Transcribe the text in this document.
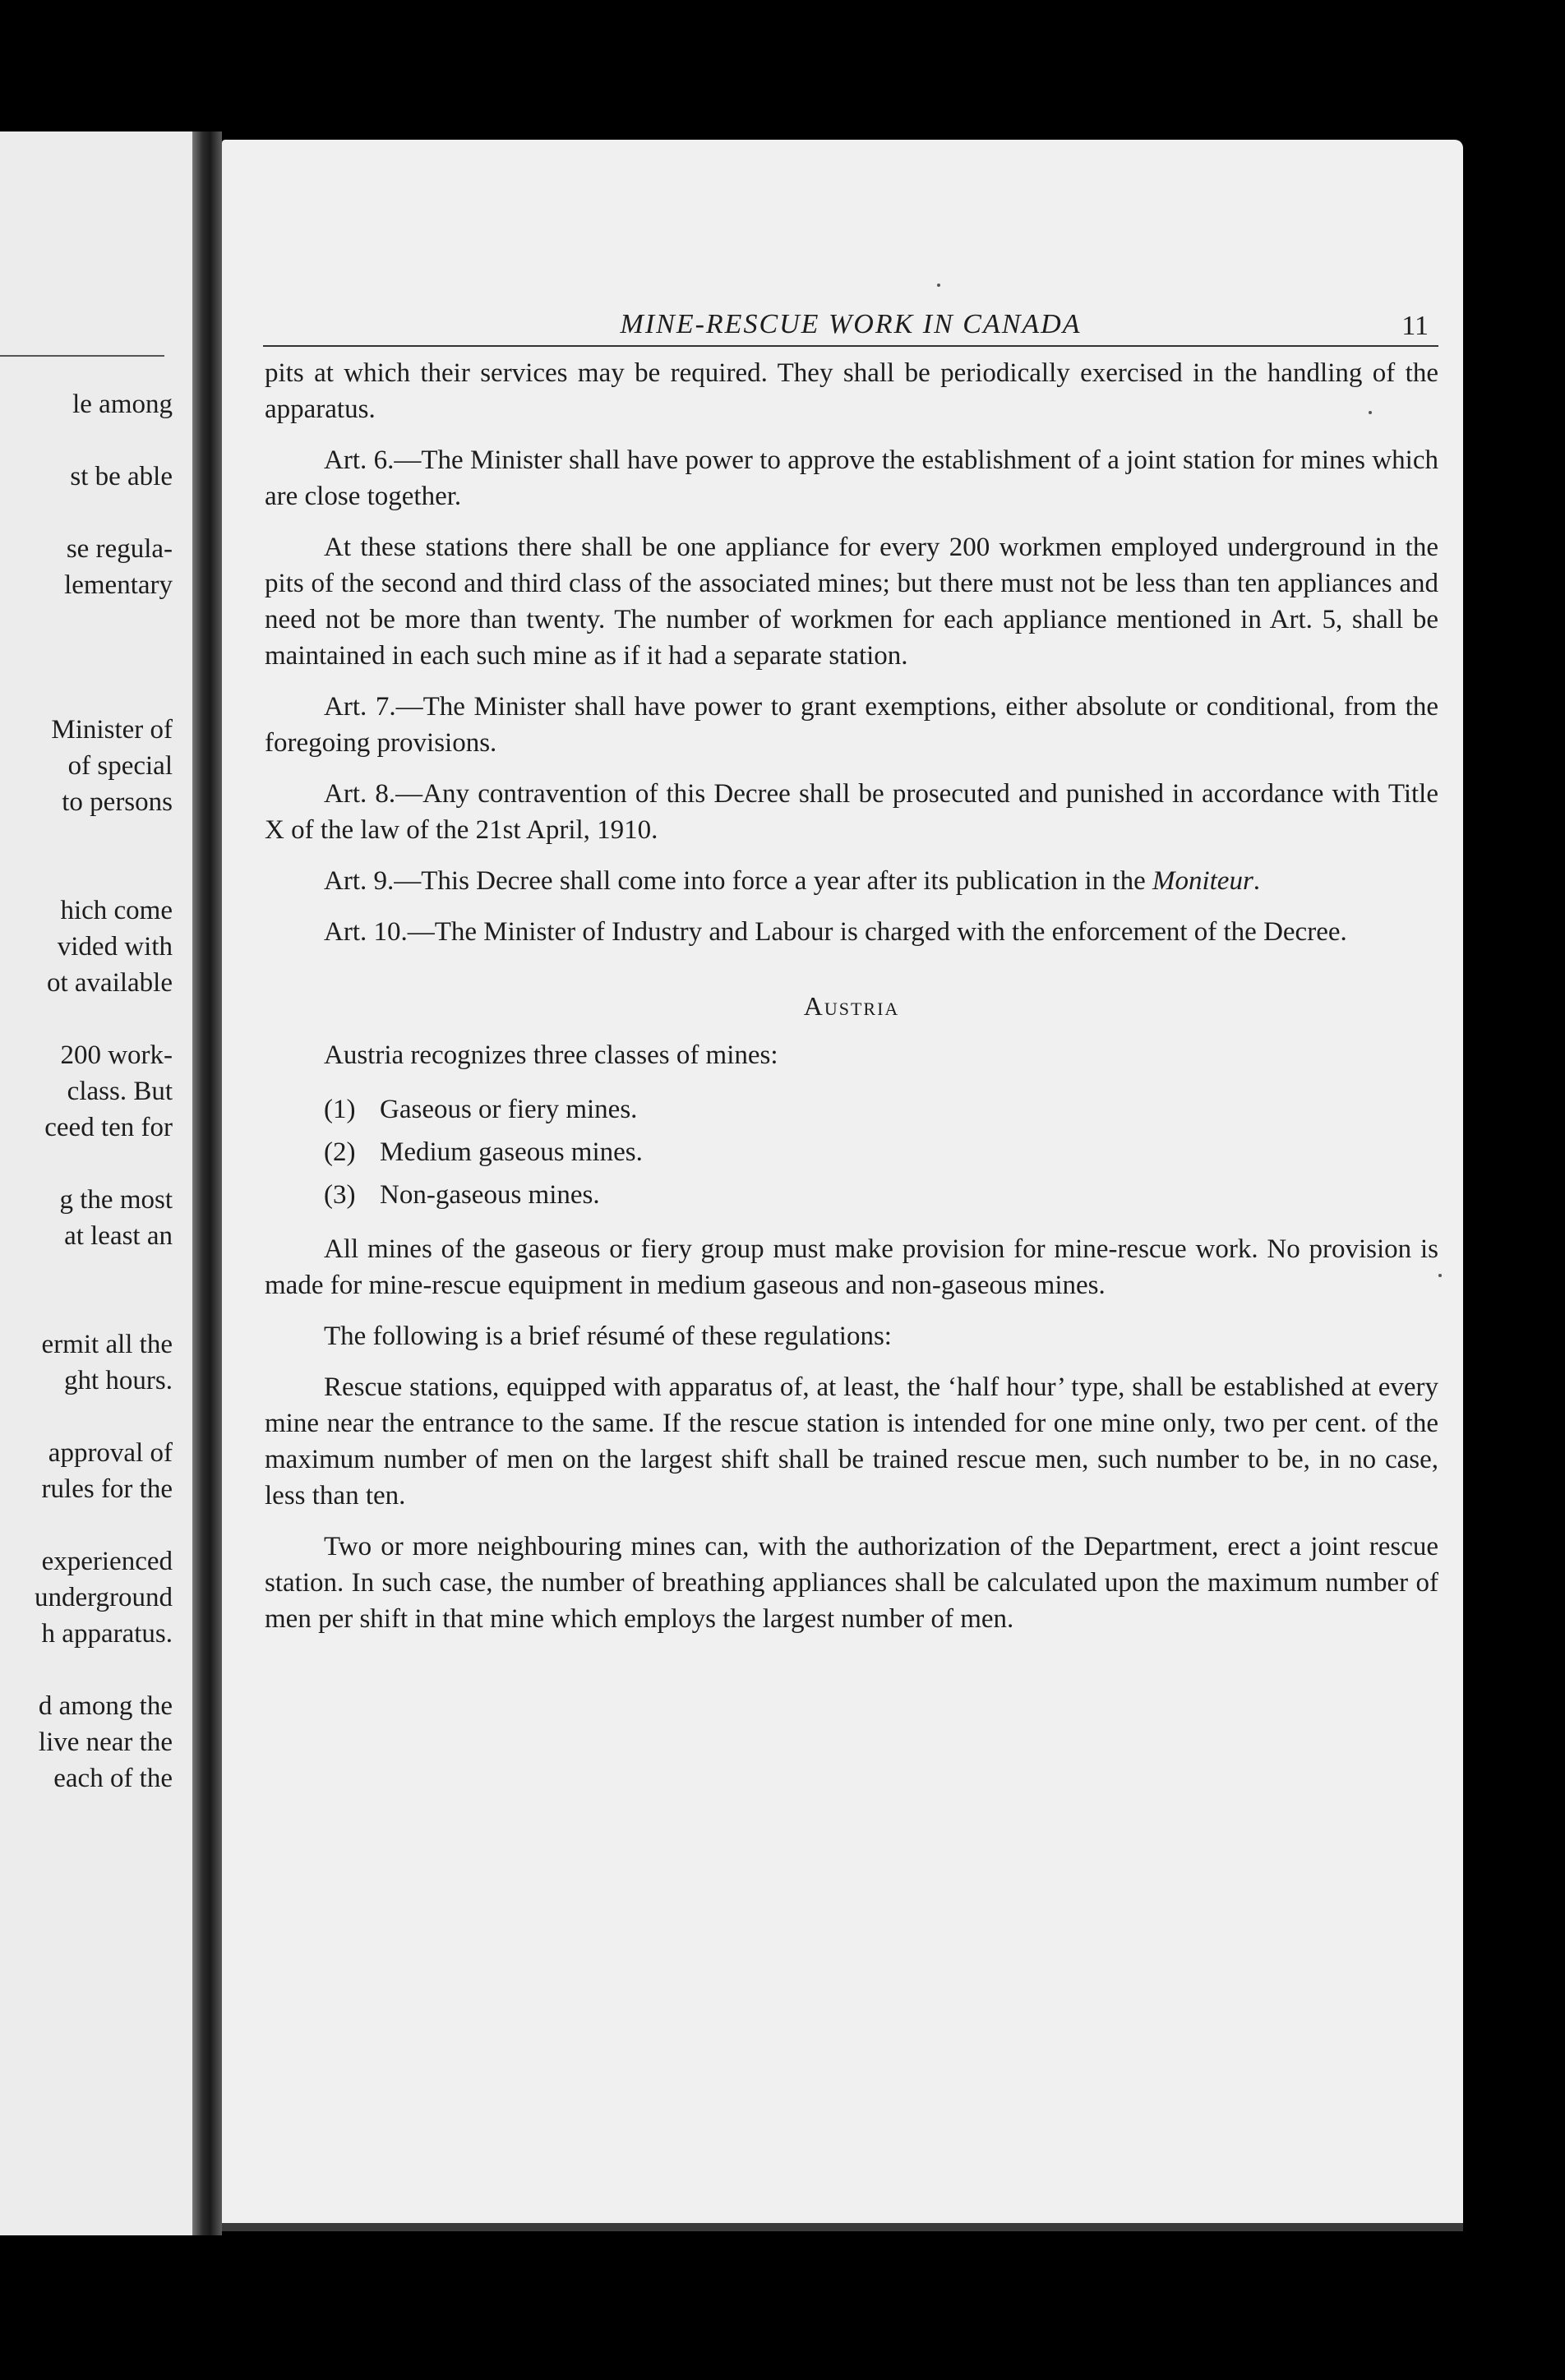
le among
st be able
se regula-
lementary
Minister of
of special
to persons
hich come
vided with
ot available
200 work-
class. But
ceed ten for
g the most
at least an
ermit all the
ght hours.
approval of
rules for the
experienced
underground
h apparatus.
d among the
live near the
each of the
MINE-RESCUE WORK IN CANADA	11

pits at which their services may be required. They shall be periodically exercised in the handling of the apparatus.

Art. 6.—The Minister shall have power to approve the establishment of a joint station for mines which are close together.

At these stations there shall be one appliance for every 200 workmen employed underground in the pits of the second and third class of the associated mines; but there must not be less than ten appliances and need not be more than twenty. The number of workmen for each appliance mentioned in Art. 5, shall be maintained in each such mine as if it had a separate station.

Art. 7.—The Minister shall have power to grant exemptions, either absolute or conditional, from the foregoing provisions.

Art. 8.—Any contravention of this Decree shall be prosecuted and punished in accordance with Title X of the law of the 21st April, 1910.

Art. 9.—This Decree shall come into force a year after its publication in the Moniteur.

Art. 10.—The Minister of Industry and Labour is charged with the enforcement of the Decree.

Austria

Austria recognizes three classes of mines:

(1) Gaseous or fiery mines.
(2) Medium gaseous mines.
(3) Non-gaseous mines.

All mines of the gaseous or fiery group must make provision for mine-rescue work. No provision is made for mine-rescue equipment in medium gaseous and non-gaseous mines.

The following is a brief résumé of these regulations:

Rescue stations, equipped with apparatus of, at least, the ‘half hour’ type, shall be established at every mine near the entrance to the same. If the rescue station is intended for one mine only, two per cent. of the maximum number of men on the largest shift shall be trained rescue men, such number to be, in no case, less than ten.

Two or more neighbouring mines can, with the authorization of the Department, erect a joint rescue station. In such case, the number of breathing appliances shall be calculated upon the maximum number of men per shift in that mine which employs the largest number of men.
